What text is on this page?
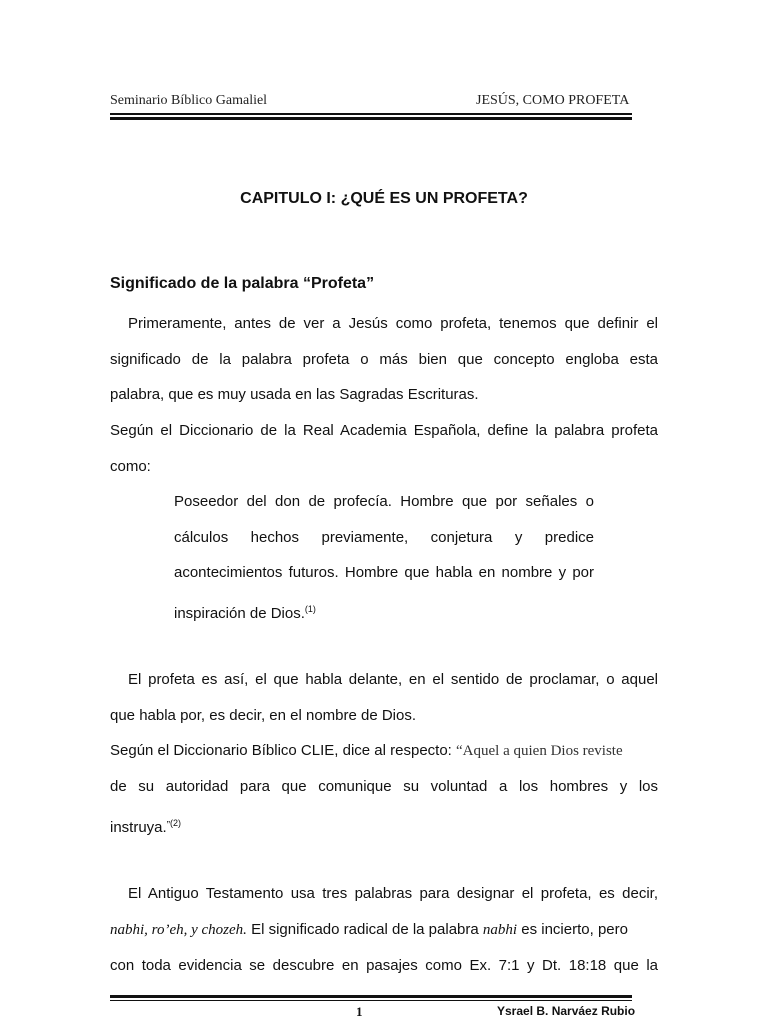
Seminario Bíblico Gamaliel	JESÚS, COMO PROFETA
CAPITULO I: ¿QUÉ ES UN PROFETA?
Significado de la palabra “Profeta”
Primeramente, antes de ver a Jesús como profeta, tenemos que definir el
significado de la palabra profeta o más bien que concepto engloba esta
palabra, que es muy usada en las Sagradas Escrituras.
Según el Diccionario de la Real Academia Española, define la palabra profeta
como:
Poseedor del don de profecía. Hombre que por señales o
cálculos hechos previamente, conjetura y predice
acontecimientos futuros. Hombre que habla en nombre y por
inspiración de Dios.$^{(1)}$
El profeta es así, el que habla delante, en el sentido de proclamar, o aquel
que habla por, es decir, en el nombre de Dios.
Según el Diccionario Bíblico CLIE, dice al respecto: “Aquel a quien Dios reviste
de su autoridad para que comunique su voluntad a los hombres y los
instruya.$^{”(2)}$
El Antiguo Testamento usa tres palabras para designar el profeta, es decir,
nabhi, ro’eh, y chozeh. El significado radical de la palabra nabhi es incierto, pero
con toda evidencia se descubre en pasajes como Ex. 7:1 y Dt. 18:18 que la
1	Ysrael B. Narváez Rubio
